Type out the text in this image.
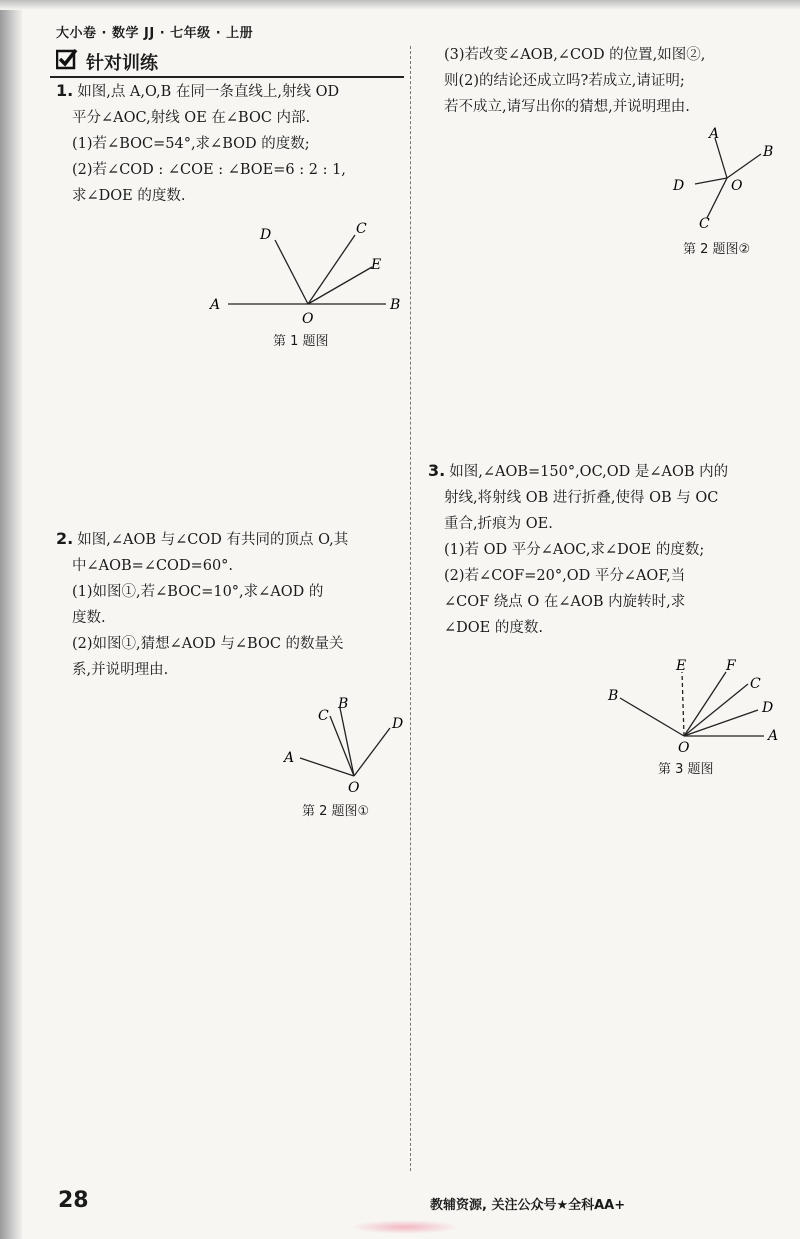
大小卷 · 数学 JJ · 七年级 · 上册
针对训练

1. 如图,点 A,O,B 在同一条直线上,射线 OD

平分∠AOC,射线 OE 在∠BOC 内部.

(1)若∠BOC=54°,求∠BOD 的度数;

(2)若∠COD : ∠COE : ∠BOE=6 : 2 : 1,

求∠DOE 的度数.

A	B
O
D	C
E
第 1 题图

2. 如图,∠AOB 与∠COD 有共同的顶点 O,其

中∠AOB=∠COD=60°.

(1)如图①,若∠BOC=10°,求∠AOD 的

度数.

(2)如图①,猜想∠AOD 与∠BOC 的数量关

系,并说明理由.

A
B
C	D
O
第 2 题图①

(3)若改变∠AOB,∠COD 的位置,如图②,

则(2)的结论还成立吗?若成立,请证明;

若不成立,请写出你的猜想,并说明理由.

A
B
D	O
C
第 2 题图②

3. 如图,∠AOB=150°,OC,OD 是∠AOB 内的

射线,将射线 OB 进行折叠,使得 OB 与 OC

重合,折痕为 OE.

(1)若 OD 平分∠AOC,求∠DOE 的度数;

(2)若∠COF=20°,OD 平分∠AOF,当

∠COF 绕点 O 在∠AOB 内旋转时,求

∠DOE 的度数.

B
E	F
C
D
A
O
第 3 题图
28	教辅资源, 关注公众号★全科AA+
